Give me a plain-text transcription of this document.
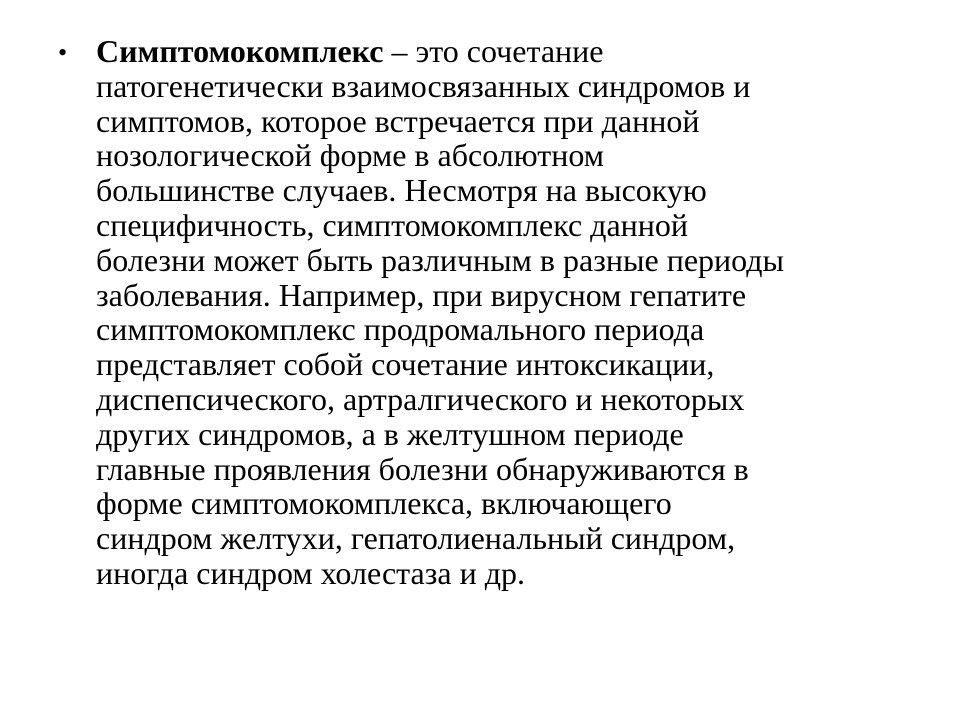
• Симптомокомплекс – это сочетание
патогенетически взаимосвязанных синдромов и
симптомов, которое встречается при данной
нозологической форме в абсолютном
большинстве случаев. Несмотря на высокую
специфичность, симптомокомплекс данной
болезни может быть различным в разные периоды
заболевания. Например, при вирусном гепатите
симптомокомплекс продромального периода
представляет собой сочетание интоксикации,
диспепсического, артралгического и некоторых
других синдромов, а в желтушном периоде
главные проявления болезни обнаруживаются в
форме симптомокомплекса, включающего
синдром желтухи, гепатолиенальный синдром,
иногда синдром холестаза и др.
